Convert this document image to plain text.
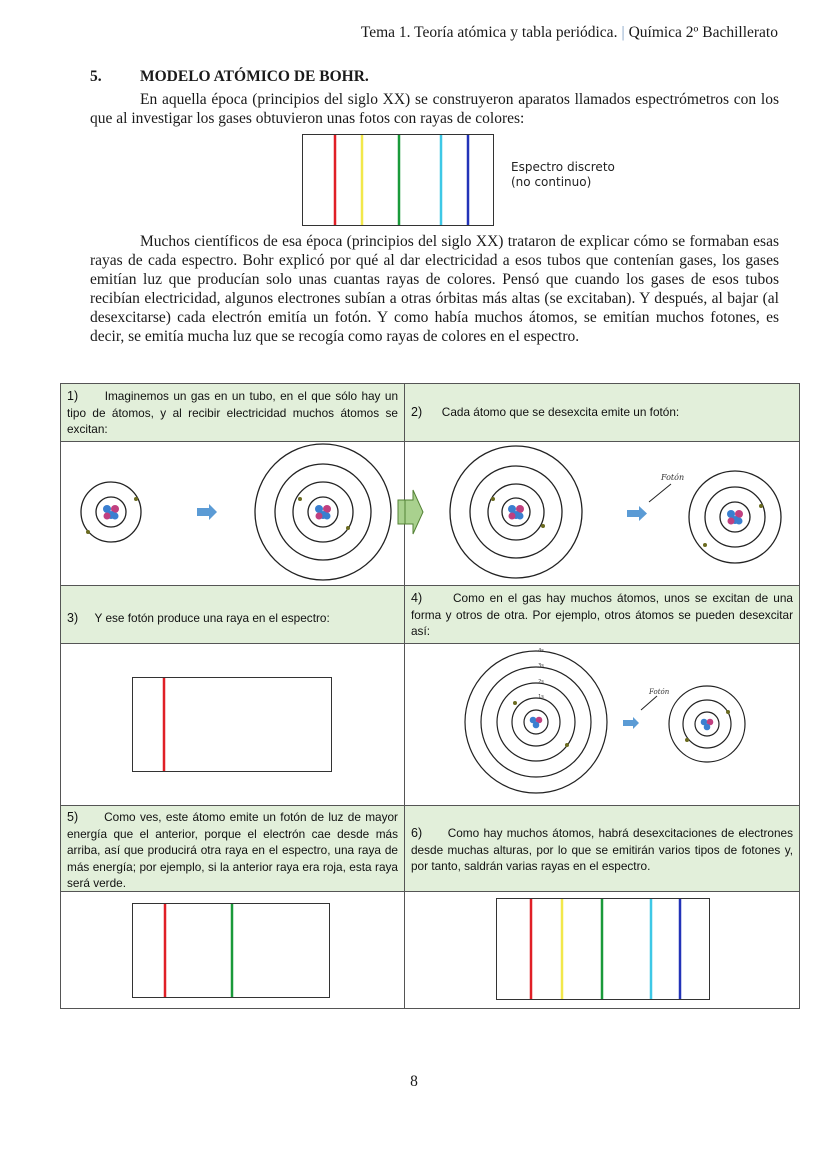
Tema 1. Teoría atómica y tabla periódica. | Química 2º Bachillerato
5. MODELO ATÓMICO DE BOHR.

En aquella época (principios del siglo XX) se construyeron aparatos llamados espectrómetros con los que al investigar los gases obtuvieron unas fotos con rayas de colores:

Espectro discreto
(no continuo)

Muchos científicos de esa época (principios del siglo XX) trataron de explicar cómo se formaban esas rayas de cada espectro. Bohr explicó por qué al dar electricidad a esos tubos que contenían gases, los gases emitían luz que producían solo unas cuantas rayas de colores. Pensó que cuando los gases de esos tubos recibían electricidad, algunos electrones subían a otras órbitas más altas (se excitaban). Y después, al bajar (al desexcitarse) cada electrón emitía un fotón. Y como había muchos átomos, se emitían muchos fotones, es decir, se emitía mucha luz que se recogía como rayas de colores en el espectro.

1) Imaginemos un gas en un tubo, en el que sólo hay un tipo de átomos, y al recibir electricidad muchos átomos se excitan:
2) Cada átomo que se desexcita emite un fotón:
Fotón
3) Y ese fotón produce una raya en el espectro:
4)	Como en el gas hay muchos átomos, unos se excitan de una forma y otros de otra. Por ejemplo, otros átomos se pueden desexcitar así:
4s
3s
2s
1s
Fotón
5) Como ves, este átomo emite un fotón de luz de mayor energía que el anterior, porque el electrón cae desde más arriba, así que producirá otra raya en el espectro, una raya de más energía; por ejemplo, si la anterior raya era roja, esta raya será verde.
6) Como hay muchos átomos, habrá desexcitaciones de electrones desde muchas alturas, por lo que se emitirán varios tipos de fotones y, por tanto, saldrán varias rayas en el espectro.
8
